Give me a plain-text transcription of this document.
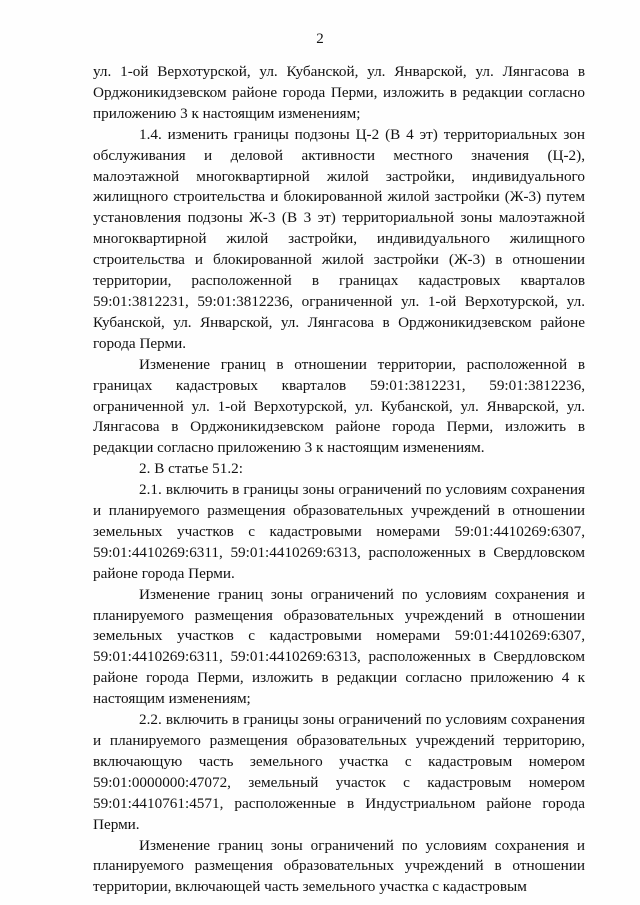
2

ул. 1-ой Верхотурской, ул. Кубанской, ул. Январской, ул. Лянгасова в Орджоникидзевском районе города Перми, изложить в редакции согласно приложению 3 к настоящим изменениям;

1.4. изменить границы подзоны Ц-2 (В 4 эт) территориальных зон обслуживания и деловой активности местного значения (Ц-2), малоэтажной многоквартирной жилой застройки, индивидуального жилищного строительства и блокированной жилой застройки (Ж-3) путем установления подзоны Ж-3 (В 3 эт) территориальной зоны малоэтажной многоквартирной жилой застройки, индивидуального жилищного строительства и блокированной жилой застройки (Ж-3) в отношении территории, расположенной в границах кадастровых кварталов 59:01:3812231, 59:01:3812236, ограниченной ул. 1-ой Верхотурской, ул. Кубанской, ул. Январской, ул. Лянгасова в Орджоникидзевском районе города Перми.

Изменение границ в отношении территории, расположенной в границах кадастровых кварталов 59:01:3812231, 59:01:3812236, ограниченной ул. 1-ой Верхотурской, ул. Кубанской, ул. Январской, ул. Лянгасова в Орджоникидзевском районе города Перми, изложить в редакции согласно приложению 3 к настоящим изменениям.

2. В статье 51.2:

2.1. включить в границы зоны ограничений по условиям сохранения и планируемого размещения образовательных учреждений в отношении земельных участков с кадастровыми номерами 59:01:4410269:6307, 59:01:4410269:6311, 59:01:4410269:6313, расположенных в Свердловском районе города Перми.

Изменение границ зоны ограничений по условиям сохранения и планируемого размещения образовательных учреждений в отношении земельных участков с кадастровыми номерами 59:01:4410269:6307, 59:01:4410269:6311, 59:01:4410269:6313, расположенных в Свердловском районе города Перми, изложить в редакции согласно приложению 4 к настоящим изменениям;

2.2. включить в границы зоны ограничений по условиям сохранения и планируемого размещения образовательных учреждений территорию, включающую часть земельного участка с кадастровым номером 59:01:0000000:47072, земельный участок с кадастровым номером 59:01:4410761:4571, расположенные в Индустриальном районе города Перми.

Изменение границ зоны ограничений по условиям сохранения и планируемого размещения образовательных учреждений в отношении территории, включающей часть земельного участка с кадастровым
